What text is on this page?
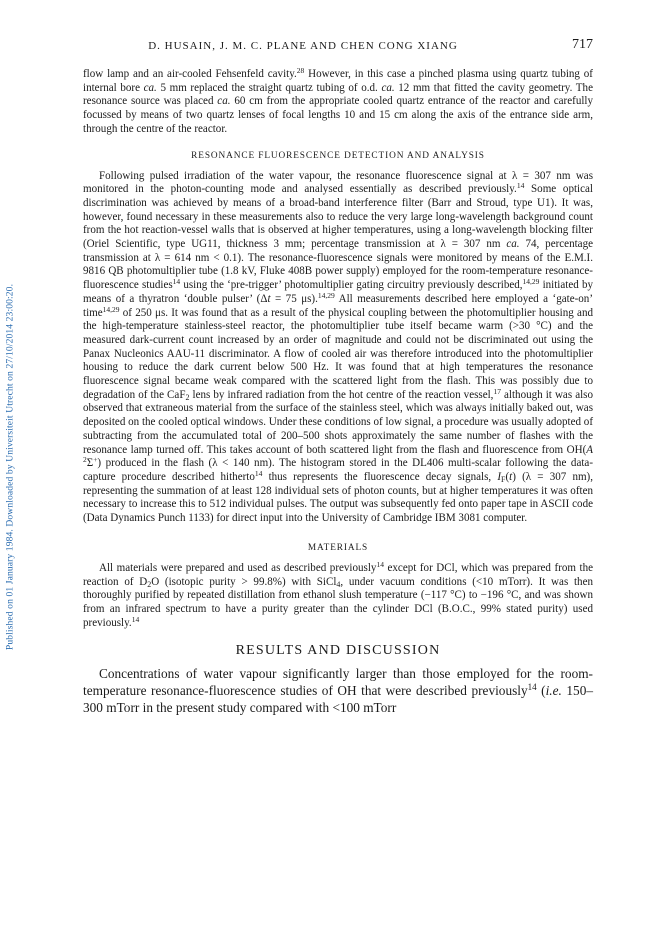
Published on 01 January 1984. Downloaded by Universiteit Utrecht on 27/10/2014 23:00:20.
D. HUSAIN, J. M. C. PLANE AND CHEN CONG XIANG	717

flow lamp and an air-cooled Fehsenfeld cavity.$^{28}$ However, in this case a pinched plasma using quartz tubing of internal bore ca. 5 mm replaced the straight quartz tubing of o.d. ca. 12 mm that fitted the cavity geometry. The resonance source was placed ca. 60 cm from the appropriate cooled quartz entrance of the reactor and carefully focussed by means of two quartz lenses of focal lengths 10 and 15 cm along the axis of the entrance side arm, through the centre of the reactor.

RESONANCE FLUORESCENCE DETECTION AND ANALYSIS

Following pulsed irradiation of the water vapour, the resonance fluorescence signal at λ = 307 nm was monitored in the photon-counting mode and analysed essentially as described previously.$^{14}$ Some optical discrimination was achieved by means of a broad-band interference filter (Barr and Stroud, type U1). It was, however, found necessary in these measurements also to reduce the very large long-wavelength background count from the hot reaction-vessel walls that is observed at higher temperatures, using a long-wavelength blocking filter (Oriel Scientific, type UG11, thickness 3 mm; percentage transmission at λ = 307 nm ca. 74, percentage transmission at λ = 614 nm < 0.1). The resonance-fluorescence signals were monitored by means of the E.M.I. 9816 QB photomultiplier tube (1.8 kV, Fluke 408B power supply) employed for the room-temperature resonance-fluorescence studies$^{14}$ using the ‘pre-trigger’ photomultiplier gating circuitry previously described,$^{14,29}$ initiated by means of a thyratron ‘double pulser’ (Δt = 75 μs).$^{14,29}$ All measurements described here employed a ‘gate-on’ time$^{14,29}$ of 250 μs. It was found that as a result of the physical coupling between the photomultiplier housing and the high-temperature stainless-steel reactor, the photomultiplier tube itself became warm (>30 °C) and the measured dark-current count increased by an order of magnitude and could not be discriminated out using the Panax Nucleonics AAU-11 discriminator. A flow of cooled air was therefore introduced into the photomultiplier housing to reduce the dark current below 500 Hz. It was found that at high temperatures the resonance fluorescence signal became weak compared with the scattered light from the flash. This was possibly due to degradation of the CaF$_2$ lens by infrared radiation from the hot centre of the reaction vessel,$^{17}$ although it was also observed that extraneous material from the surface of the stainless steel, which was always initially baked out, was deposited on the cooled optical windows. Under these conditions of low signal, a procedure was usually adopted of subtracting from the accumulated total of 200–500 shots approximately the same number of flashes with the resonance lamp turned off. This takes account of both scattered light from the flash and fluorescence from OH(A $^2$Σ+) produced in the flash (λ < 140 nm). The histogram stored in the DL406 multi-scalar following the data-capture procedure described hitherto$^{14}$ thus represents the fluorescence decay signals, $I_F(t) (\lambda = 307$ nm), representing the summation of at least 128 individual sets of photon counts, but at higher temperatures it was often necessary to increase this to 512 individual pulses. The output was subsequently fed onto paper tape in ASCII code (Data Dynamics Punch 1133) for direct input into the University of Cambridge IBM 3081 computer.

MATERIALS

All materials were prepared and used as described previously$^{14}$ except for DCl, which was prepared from the reaction of $D_2O$ (isotopic purity > 99.8%) with SiCl$_4$, under vacuum conditions (<10 mTorr). It was then thoroughly purified by repeated distillation from ethanol slush temperature (−117 °C) to −196 °C, and was shown from an infrared spectrum to have a purity greater than the cylinder DCl (B.O.C., 99% stated purity) used previously.$^{14}$

RESULTS AND DISCUSSION

Concentrations of water vapour significantly larger than those employed for the room-temperature resonance-fluorescence studies of OH that were described previously$^{14}$ (i.e. 150–300 mTorr in the present study compared with <100 mTorr
